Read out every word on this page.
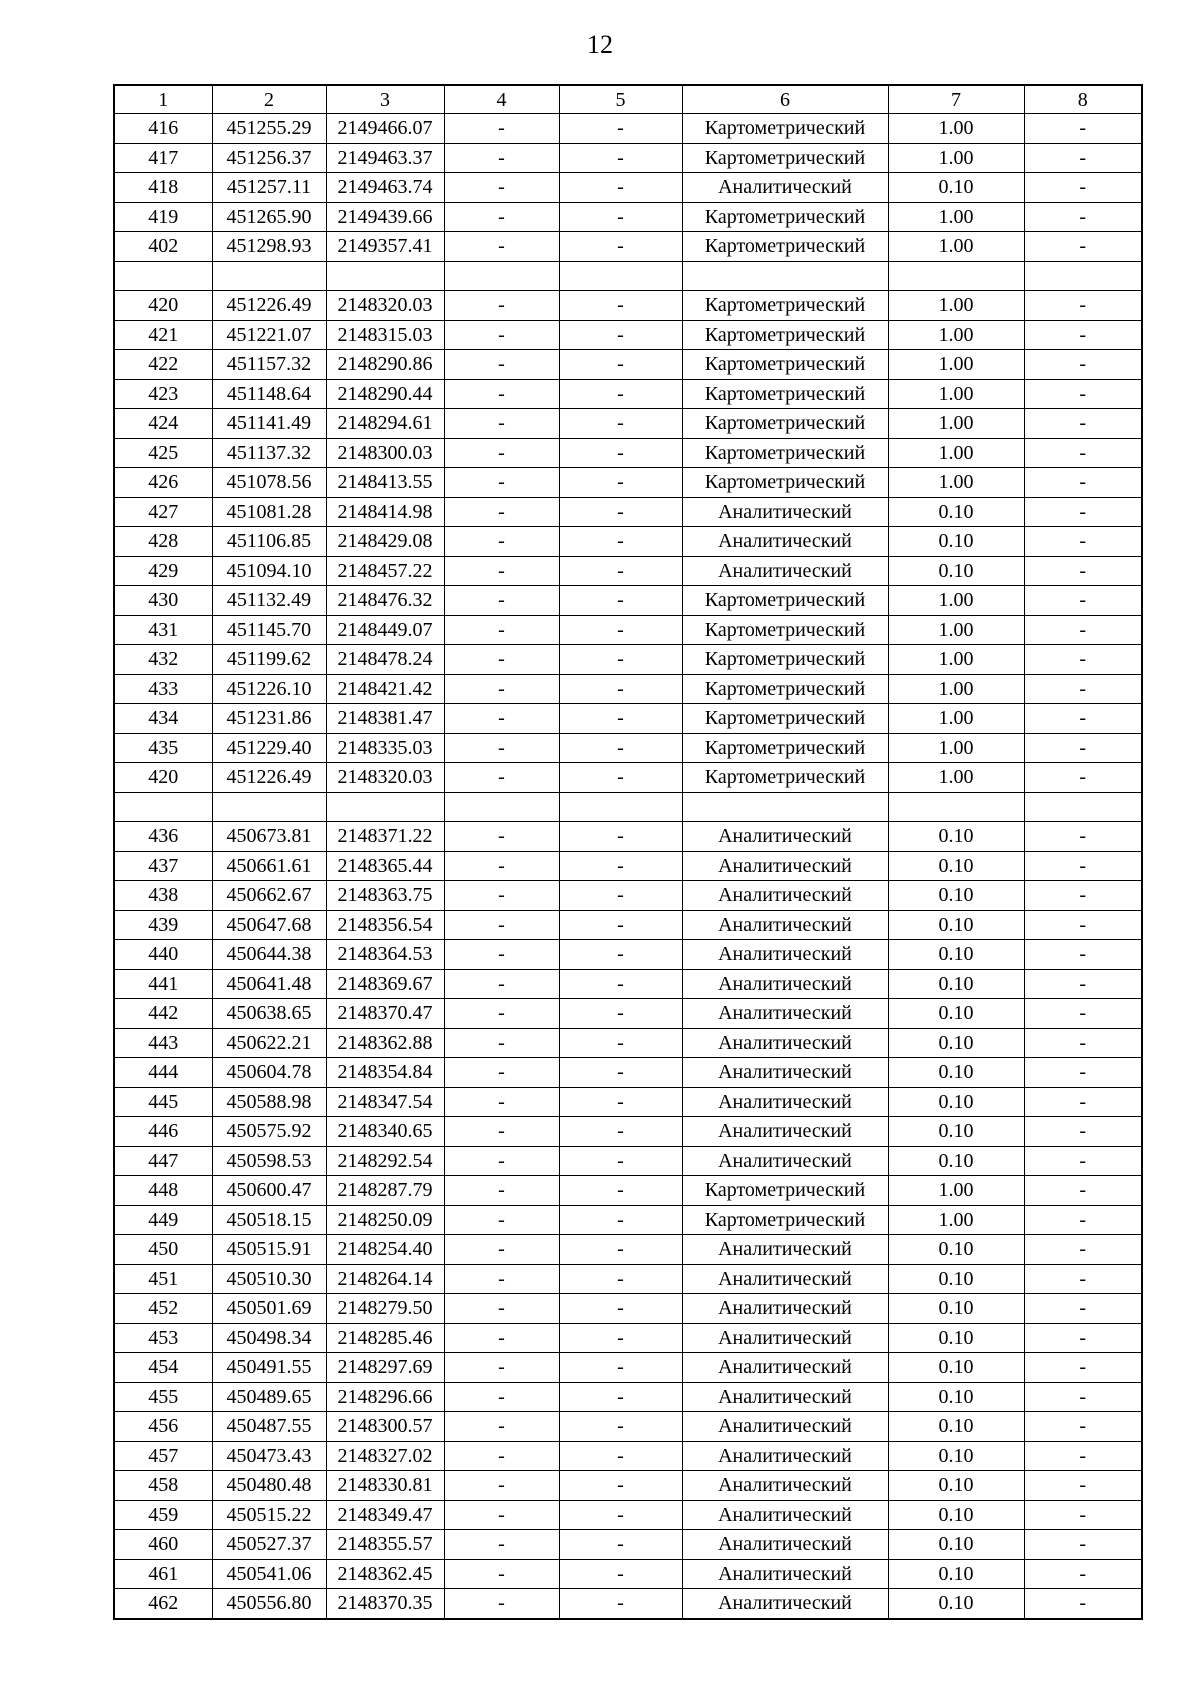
12
1	2	3	4	5	6	7	8
416	451255.29	2149466.07	-	-	Картометрический	1.00	-
417	451256.37	2149463.37	-	-	Картометрический	1.00	-
418	451257.11	2149463.74	-	-	Аналитический	0.10	-
419	451265.90	2149439.66	-	-	Картометрический	1.00	-
402	451298.93	2149357.41	-	-	Картометрический	1.00	-

420	451226.49	2148320.03	-	-	Картометрический	1.00	-
421	451221.07	2148315.03	-	-	Картометрический	1.00	-
422	451157.32	2148290.86	-	-	Картометрический	1.00	-
423	451148.64	2148290.44	-	-	Картометрический	1.00	-
424	451141.49	2148294.61	-	-	Картометрический	1.00	-
425	451137.32	2148300.03	-	-	Картометрический	1.00	-
426	451078.56	2148413.55	-	-	Картометрический	1.00	-
427	451081.28	2148414.98	-	-	Аналитический	0.10	-
428	451106.85	2148429.08	-	-	Аналитический	0.10	-
429	451094.10	2148457.22	-	-	Аналитический	0.10	-
430	451132.49	2148476.32	-	-	Картометрический	1.00	-
431	451145.70	2148449.07	-	-	Картометрический	1.00	-
432	451199.62	2148478.24	-	-	Картометрический	1.00	-
433	451226.10	2148421.42	-	-	Картометрический	1.00	-
434	451231.86	2148381.47	-	-	Картометрический	1.00	-
435	451229.40	2148335.03	-	-	Картометрический	1.00	-
420	451226.49	2148320.03	-	-	Картометрический	1.00	-

436	450673.81	2148371.22	-	-	Аналитический	0.10	-
437	450661.61	2148365.44	-	-	Аналитический	0.10	-
438	450662.67	2148363.75	-	-	Аналитический	0.10	-
439	450647.68	2148356.54	-	-	Аналитический	0.10	-
440	450644.38	2148364.53	-	-	Аналитический	0.10	-
441	450641.48	2148369.67	-	-	Аналитический	0.10	-
442	450638.65	2148370.47	-	-	Аналитический	0.10	-
443	450622.21	2148362.88	-	-	Аналитический	0.10	-
444	450604.78	2148354.84	-	-	Аналитический	0.10	-
445	450588.98	2148347.54	-	-	Аналитический	0.10	-
446	450575.92	2148340.65	-	-	Аналитический	0.10	-
447	450598.53	2148292.54	-	-	Аналитический	0.10	-
448	450600.47	2148287.79	-	-	Картометрический	1.00	-
449	450518.15	2148250.09	-	-	Картометрический	1.00	-
450	450515.91	2148254.40	-	-	Аналитический	0.10	-
451	450510.30	2148264.14	-	-	Аналитический	0.10	-
452	450501.69	2148279.50	-	-	Аналитический	0.10	-
453	450498.34	2148285.46	-	-	Аналитический	0.10	-
454	450491.55	2148297.69	-	-	Аналитический	0.10	-
455	450489.65	2148296.66	-	-	Аналитический	0.10	-
456	450487.55	2148300.57	-	-	Аналитический	0.10	-
457	450473.43	2148327.02	-	-	Аналитический	0.10	-
458	450480.48	2148330.81	-	-	Аналитический	0.10	-
459	450515.22	2148349.47	-	-	Аналитический	0.10	-
460	450527.37	2148355.57	-	-	Аналитический	0.10	-
461	450541.06	2148362.45	-	-	Аналитический	0.10	-
462	450556.80	2148370.35	-	-	Аналитический	0.10	-
